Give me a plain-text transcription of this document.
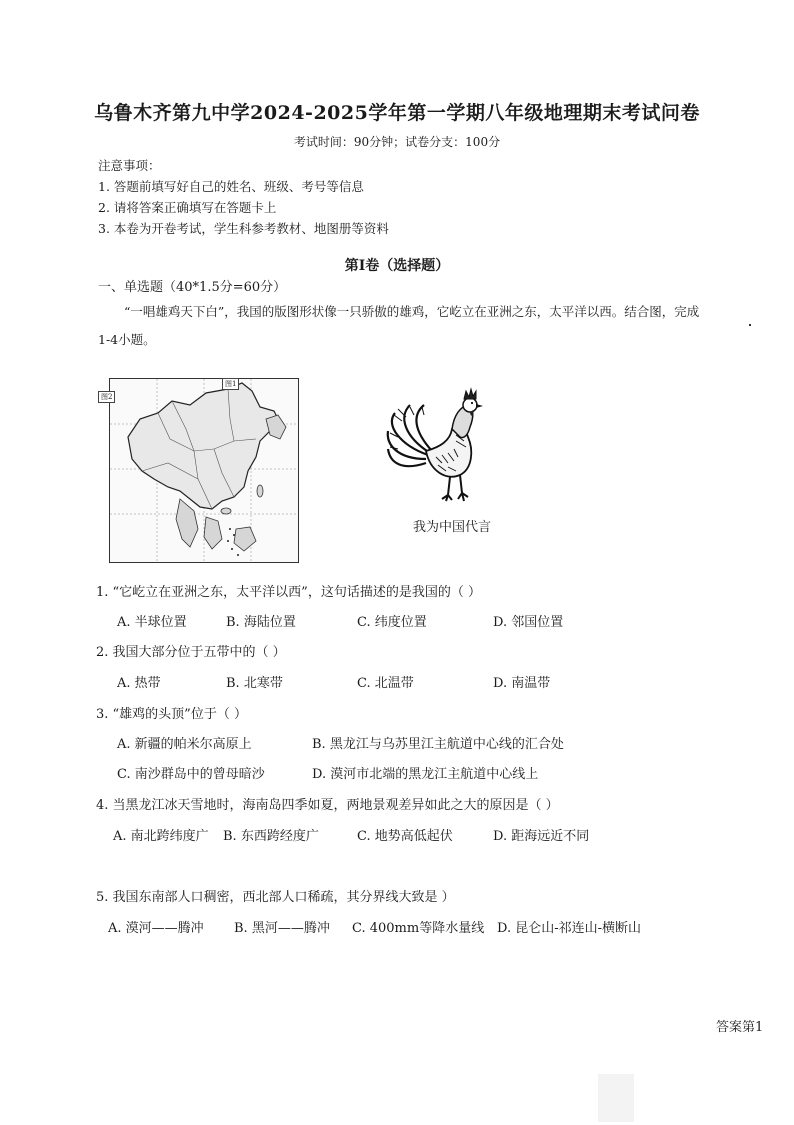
乌鲁木齐第九中学2024-2025学年第一学期八年级地理期末考试问卷
考试时间：90分钟；试卷分支：100分
注意事项：
1. 答题前填写好自己的姓名、班级、考号等信息
2. 请将答案正确填写在答题卡上
3. 本卷为开卷考试，学生科参考教材、地图册等资料
第Ⅰ卷（选择题）
一、单选题（40*1.5分=60分）
“一唱雄鸡天下白”，我国的版图形状像一只骄傲的雄鸡，它屹立在亚洲之东，太平洋以西。结合图，完成
1-4小题。
图1
图2
我为中国代言
1. “它屹立在亚洲之东，太平洋以西”，这句话描述的是我国的（ ）
A. 半球位置	B. 海陆位置	C. 纬度位置	D. 邻国位置
2. 我国大部分位于五带中的（ ）
A. 热带	B. 北寒带	C. 北温带	D. 南温带
3. “雄鸡的头顶”位于（ ）
A. 新疆的帕米尔高原上	B. 黑龙江与乌苏里江主航道中心线的汇合处
C. 南沙群岛中的曾母暗沙	D. 漠河市北端的黑龙江主航道中心线上
4. 当黑龙江冰天雪地时，海南岛四季如夏，两地景观差异如此之大的原因是（ ）
A. 南北跨纬度广 B. 东西跨经度广	C. 地势高低起伏	D. 距海远近不同
5. 我国东南部人口稠密，西北部人口稀疏，其分界线大致是 ）
A. 漠河——腾冲 B. 黑河——腾冲 C. 400mm等降水量线 D. 昆仑山-祁连山-横断山
答案第1
